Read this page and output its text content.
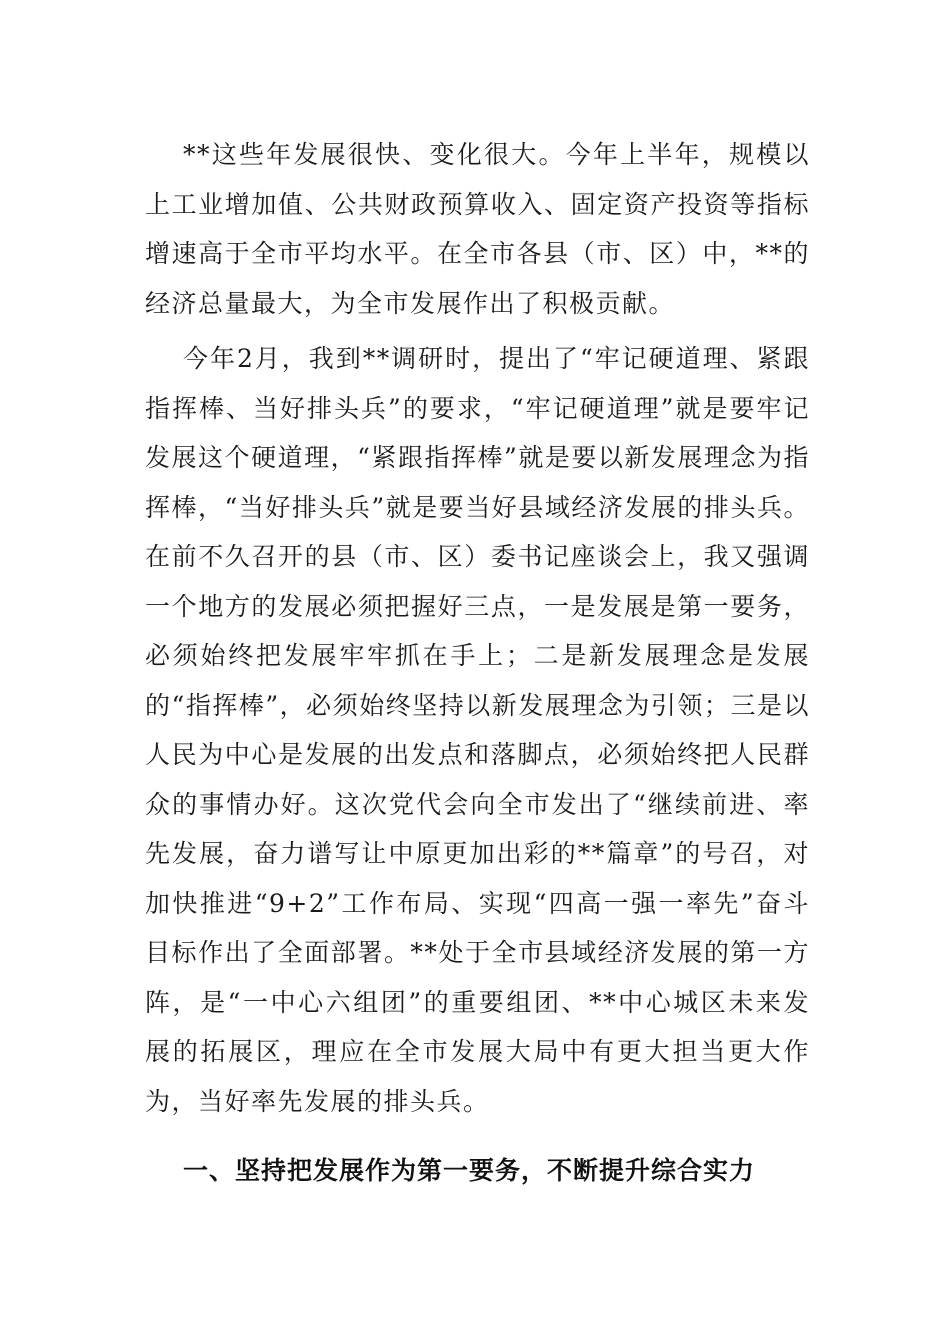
**这些年发展很快、变化很大。今年上半年，规模以上工业增加值、公共财政预算收入、固定资产投资等指标增速高于全市平均水平。在全市各县（市、区）中，**的经济总量最大，为全市发展作出了积极贡献。

今年2月，我到**调研时，提出了“牢记硬道理、紧跟指挥棒、当好排头兵”的要求，“牢记硬道理”就是要牢记发展这个硬道理，“紧跟指挥棒”就是要以新发展理念为指挥棒，“当好排头兵”就是要当好县域经济发展的排头兵。在前不久召开的县（市、区）委书记座谈会上，我又强调一个地方的发展必须把握好三点，一是发展是第一要务，必须始终把发展牢牢抓在手上；二是新发展理念是发展的“指挥棒”，必须始终坚持以新发展理念为引领；三是以人民为中心是发展的出发点和落脚点，必须始终把人民群众的事情办好。这次党代会向全市发出了“继续前进、率先发展，奋力谱写让中原更加出彩的**篇章”的号召，对加快推进“9+2”工作布局、实现“四高一强一率先”奋斗目标作出了全面部署。**处于全市县域经济发展的第一方阵，是“一中心六组团”的重要组团、**中心城区未来发展的拓展区，理应在全市发展大局中有更大担当更大作为，当好率先发展的排头兵。

一、坚持把发展作为第一要务，不断提升综合实力
